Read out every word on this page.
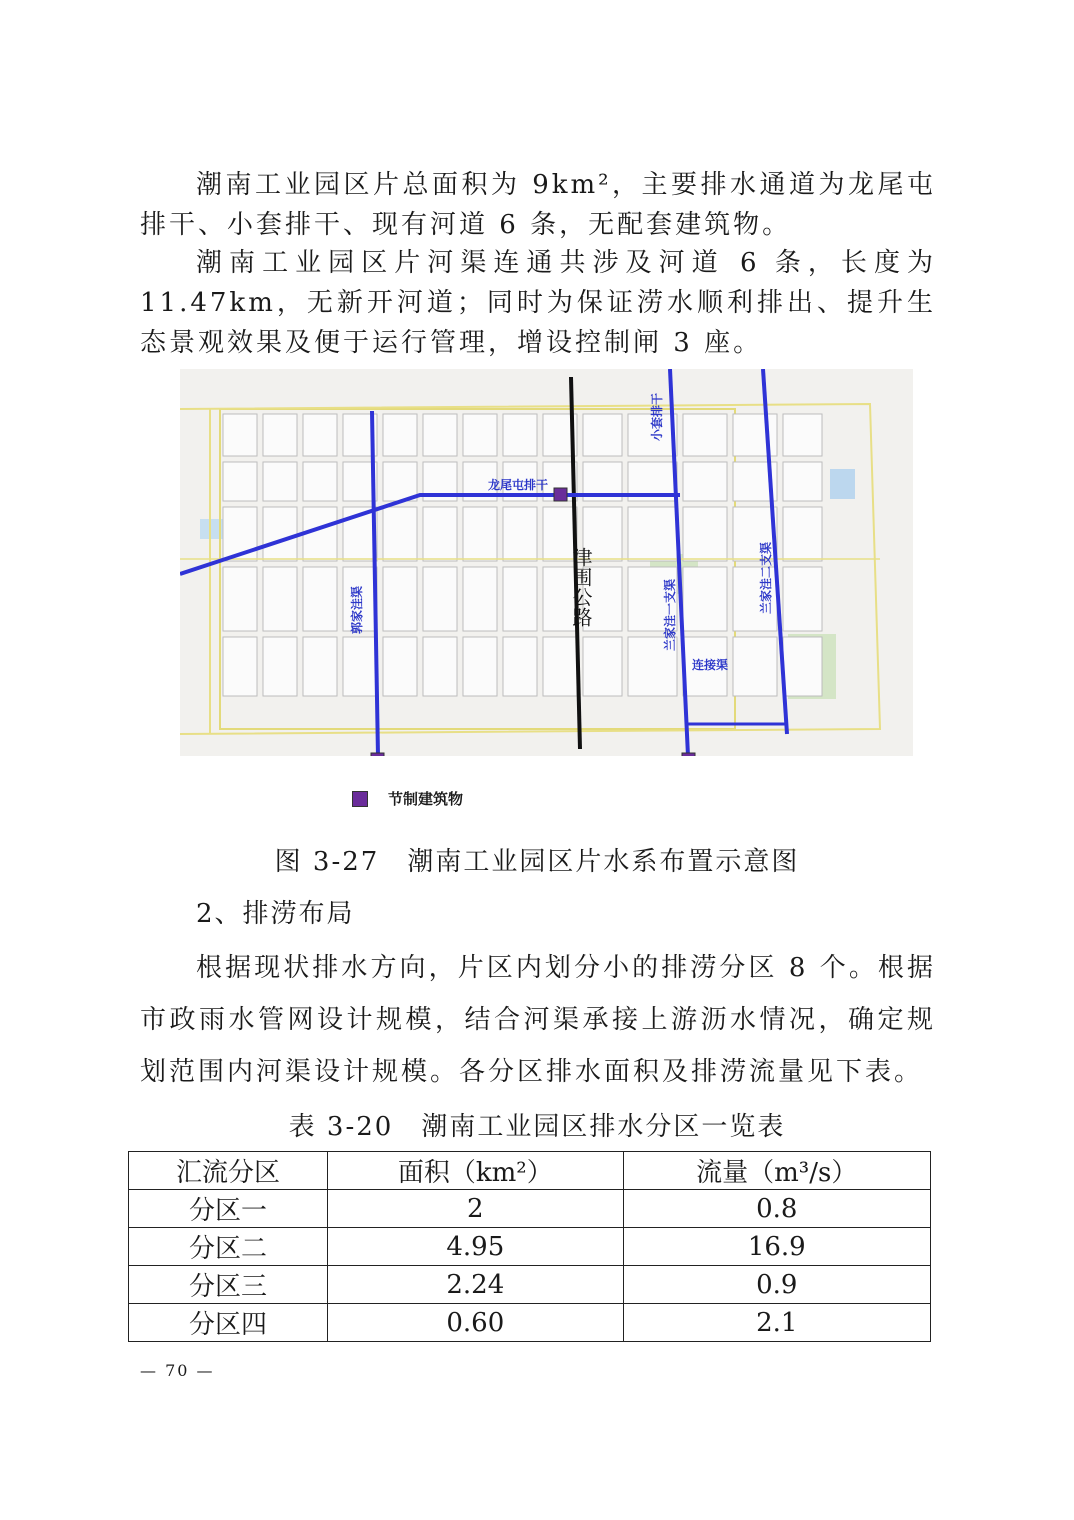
潮南工业园区片总面积为 9km²，主要排水通道为龙尾屯排干、小套排干、现有河道 6 条，无配套建筑物。

潮南工业园区片河渠连通共涉及河道 6 条，长度为 11.47km，无新开河道；同时为保证涝水顺利排出、提升生态景观效果及便于运行管理，增设控制闸 3 座。

龙尾屯排干
连接渠
小套排干
郭家洼渠	兰家洼一支渠
兰家洼二支渠
津围公路
节制建筑物
图 3-27　潮南工业园区片水系布置示意图
2、排涝布局

根据现状排水方向，片区内划分小的排涝分区 8 个。根据市政雨水管网设计规模，结合河渠承接上游沥水情况，确定规划范围内河渠设计规模。各分区排水面积及排涝流量见下表。

表 3-20　潮南工业园区排水分区一览表
汇流分区	面积（km²）	流量（m³/s）
分区一	2	0.8
分区二	4.95	16.9
分区三	2.24	0.9
分区四	0.60	2.1
— 70 —
